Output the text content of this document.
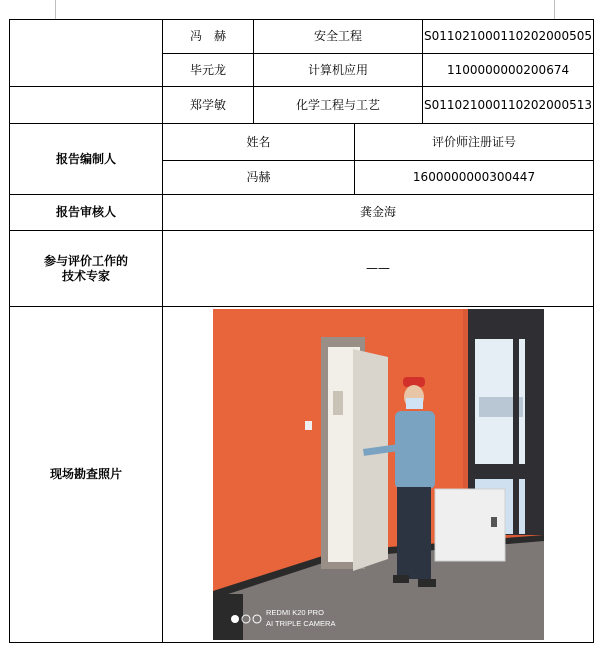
	冯　赫	安全工程		S011021000110202000505
	毕元龙	计算机应用		1100000000200674
	郑学敏	化学工程与工艺		S011021000110202000513
报告编制人	姓名		评价师注册证号	
	冯赫		1600000000300447	
报告审核人	龚金海			
参与评价工作的
技术专家	——			
现场勘查照片	REDMI K20 PRO
AI TRIPLE CAMERA			
